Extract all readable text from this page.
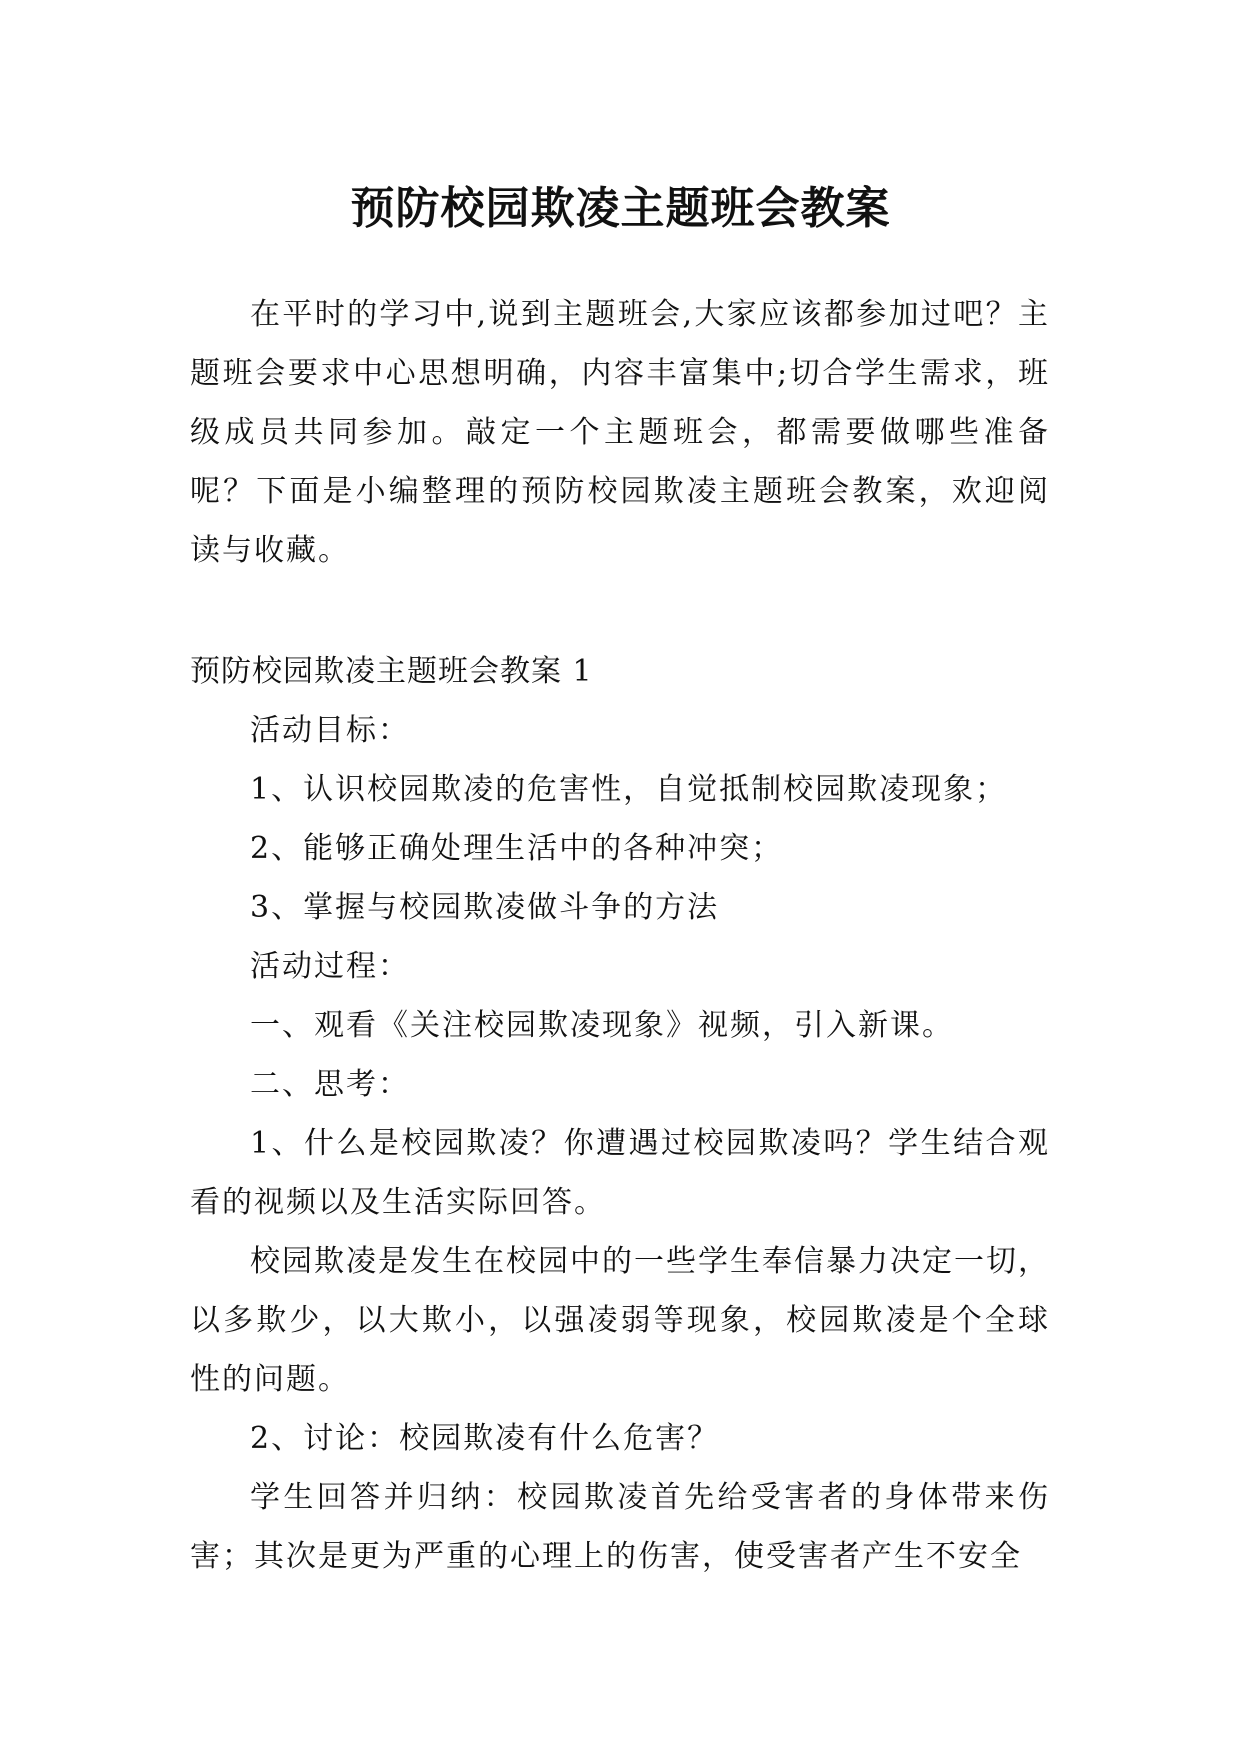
预防校园欺凌主题班会教案

在平时的学习中,说到主题班会,大家应该都参加过吧？主题班会要求中心思想明确，内容丰富集中;切合学生需求，班级成员共同参加。敲定一个主题班会，都需要做哪些准备呢？下面是小编整理的预防校园欺凌主题班会教案，欢迎阅读与收藏。

预防校园欺凌主题班会教案 1

活动目标：

1、认识校园欺凌的危害性，自觉抵制校园欺凌现象；

2、能够正确处理生活中的各种冲突；

3、掌握与校园欺凌做斗争的方法

活动过程：

一、观看《关注校园欺凌现象》视频，引入新课。

二、思考：

1、什么是校园欺凌？你遭遇过校园欺凌吗？学生结合观看的视频以及生活实际回答。

校园欺凌是发生在校园中的一些学生奉信暴力决定一切，以多欺少，以大欺小，以强凌弱等现象，校园欺凌是个全球性的问题。

2、讨论：校园欺凌有什么危害？

学生回答并归纳：校园欺凌首先给受害者的身体带来伤害；其次是更为严重的心理上的伤害，使受害者产生不安全
